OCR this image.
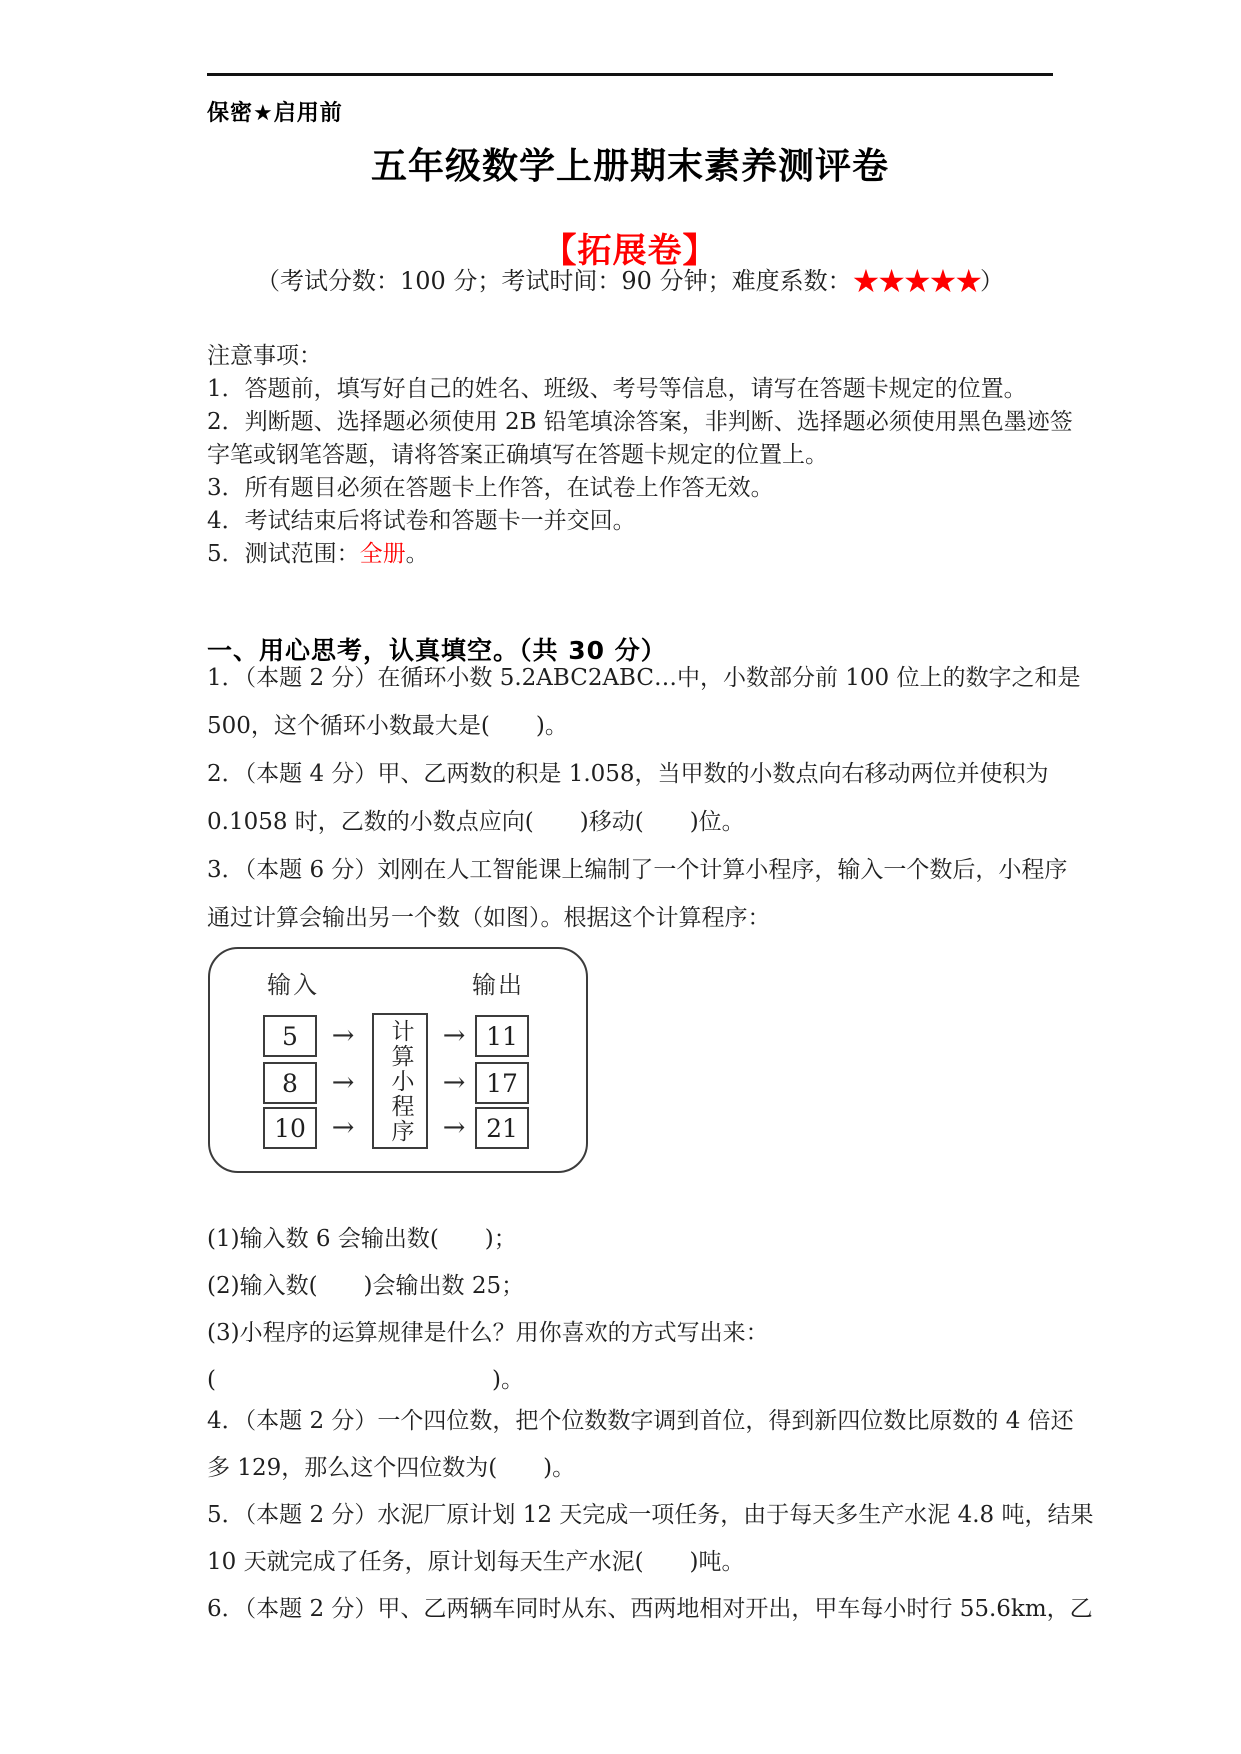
保密★启用前
五年级数学上册期末素养测评卷
【拓展卷】
（考试分数：100 分；考试时间：90 分钟；难度系数：★★★★★）
注意事项：
1．答题前，填写好自己的姓名、班级、考号等信息，请写在答题卡规定的位置。
2．判断题、选择题必须使用 2B 铅笔填涂答案，非判断、选择题必须使用黑色墨迹签
字笔或钢笔答题，请将答案正确填写在答题卡规定的位置上。
3．所有题目必须在答题卡上作答，在试卷上作答无效。
4．考试结束后将试卷和答题卡一并交回。
5．测试范围：全册。
一、用心思考，认真填空。（共 30 分）
1．（本题 2 分）在循环小数 5.2ABC2ABC…中，小数部分前 100 位上的数字之和是
500，这个循环小数最大是(　　)。
2．（本题 4 分）甲、乙两数的积是 1.058，当甲数的小数点向右移动两位并使积为
0.1058 时，乙数的小数点应向(　　)移动(　　)位。
3．（本题 6 分）刘刚在人工智能课上编制了一个计算小程序，输入一个数后，小程序
通过计算会输出另一个数（如图）。根据这个计算程序：
输入	输出
5
8
10
→
→
→	计算小程序	→
→
→
11
17
21
(1)输入数 6 会输出数(　　)；
(2)输入数(　　)会输出数 25；
(3)小程序的运算规律是什么？用你喜欢的方式写出来：
(　　　　　　　　　　　　)。
4．（本题 2 分）一个四位数，把个位数数字调到首位，得到新四位数比原数的 4 倍还
多 129，那么这个四位数为(　　)。
5．（本题 2 分）水泥厂原计划 12 天完成一项任务，由于每天多生产水泥 4.8 吨，结果
10 天就完成了任务，原计划每天生产水泥(　　)吨。
6．（本题 2 分）甲、乙两辆车同时从东、西两地相对开出，甲车每小时行 55.6km，乙
